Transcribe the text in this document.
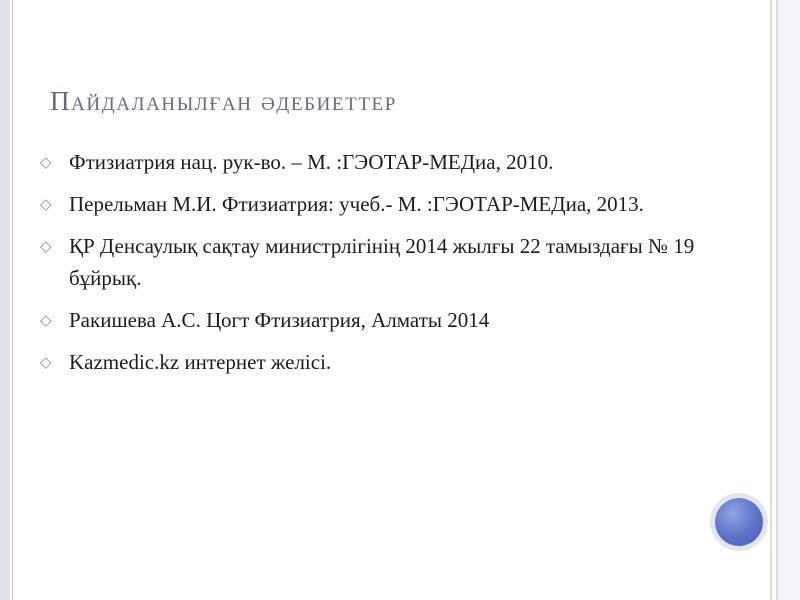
Пайдаланылған әдебиеттер
◇ Фтизиатрия нац. рук-во. – М. :ГЭОТАР-МЕДиа, 2010.
◇ Перельман М.И. Фтизиатрия: учеб.- М. :ГЭОТАР-МЕДиа, 2013.
◇ ҚР Денсаулық сақтау министрлігінің 2014 жылғы 22 тамыздағы № 19 бұйрық.
◇ Ракишева А.С. Цогт Фтизиатрия, Алматы 2014
◇ Kazmedic.kz интернет желісі.
